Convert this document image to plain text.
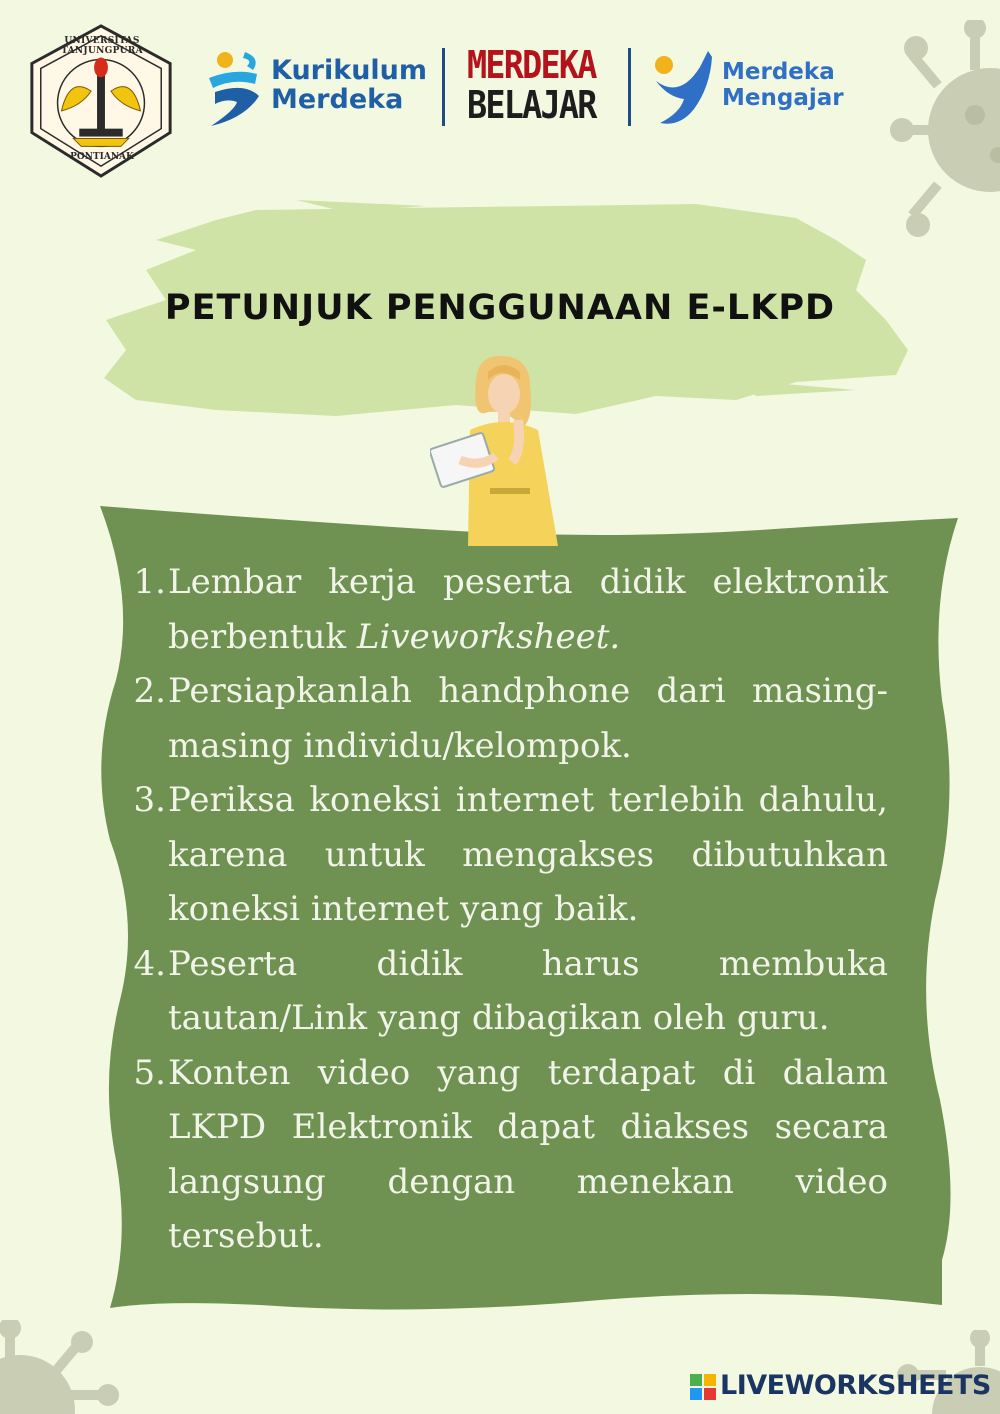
UNIVERSITAS TANJUNGPURA
PONTIANAK
Kurikulum
Merdeka
MERDEKA
BELAJAR
Merdeka
Mengajar
PETUNJUK PENGGUNAAN E-LKPD
1. Lembar kerja peserta didik elektronik berbentuk Liveworksheet.
2. Persiapkanlah handphone dari masing-masing individu/kelompok.
3. Periksa koneksi internet terlebih dahulu, karena untuk mengakses dibutuhkan koneksi internet yang baik.
4. Peserta didik harus membuka tautan/Link yang dibagikan oleh guru.
5. Konten video yang terdapat di dalam LKPD Elektronik dapat diakses secara langsung dengan menekan video tersebut.
LIVEWORKSHEETS
